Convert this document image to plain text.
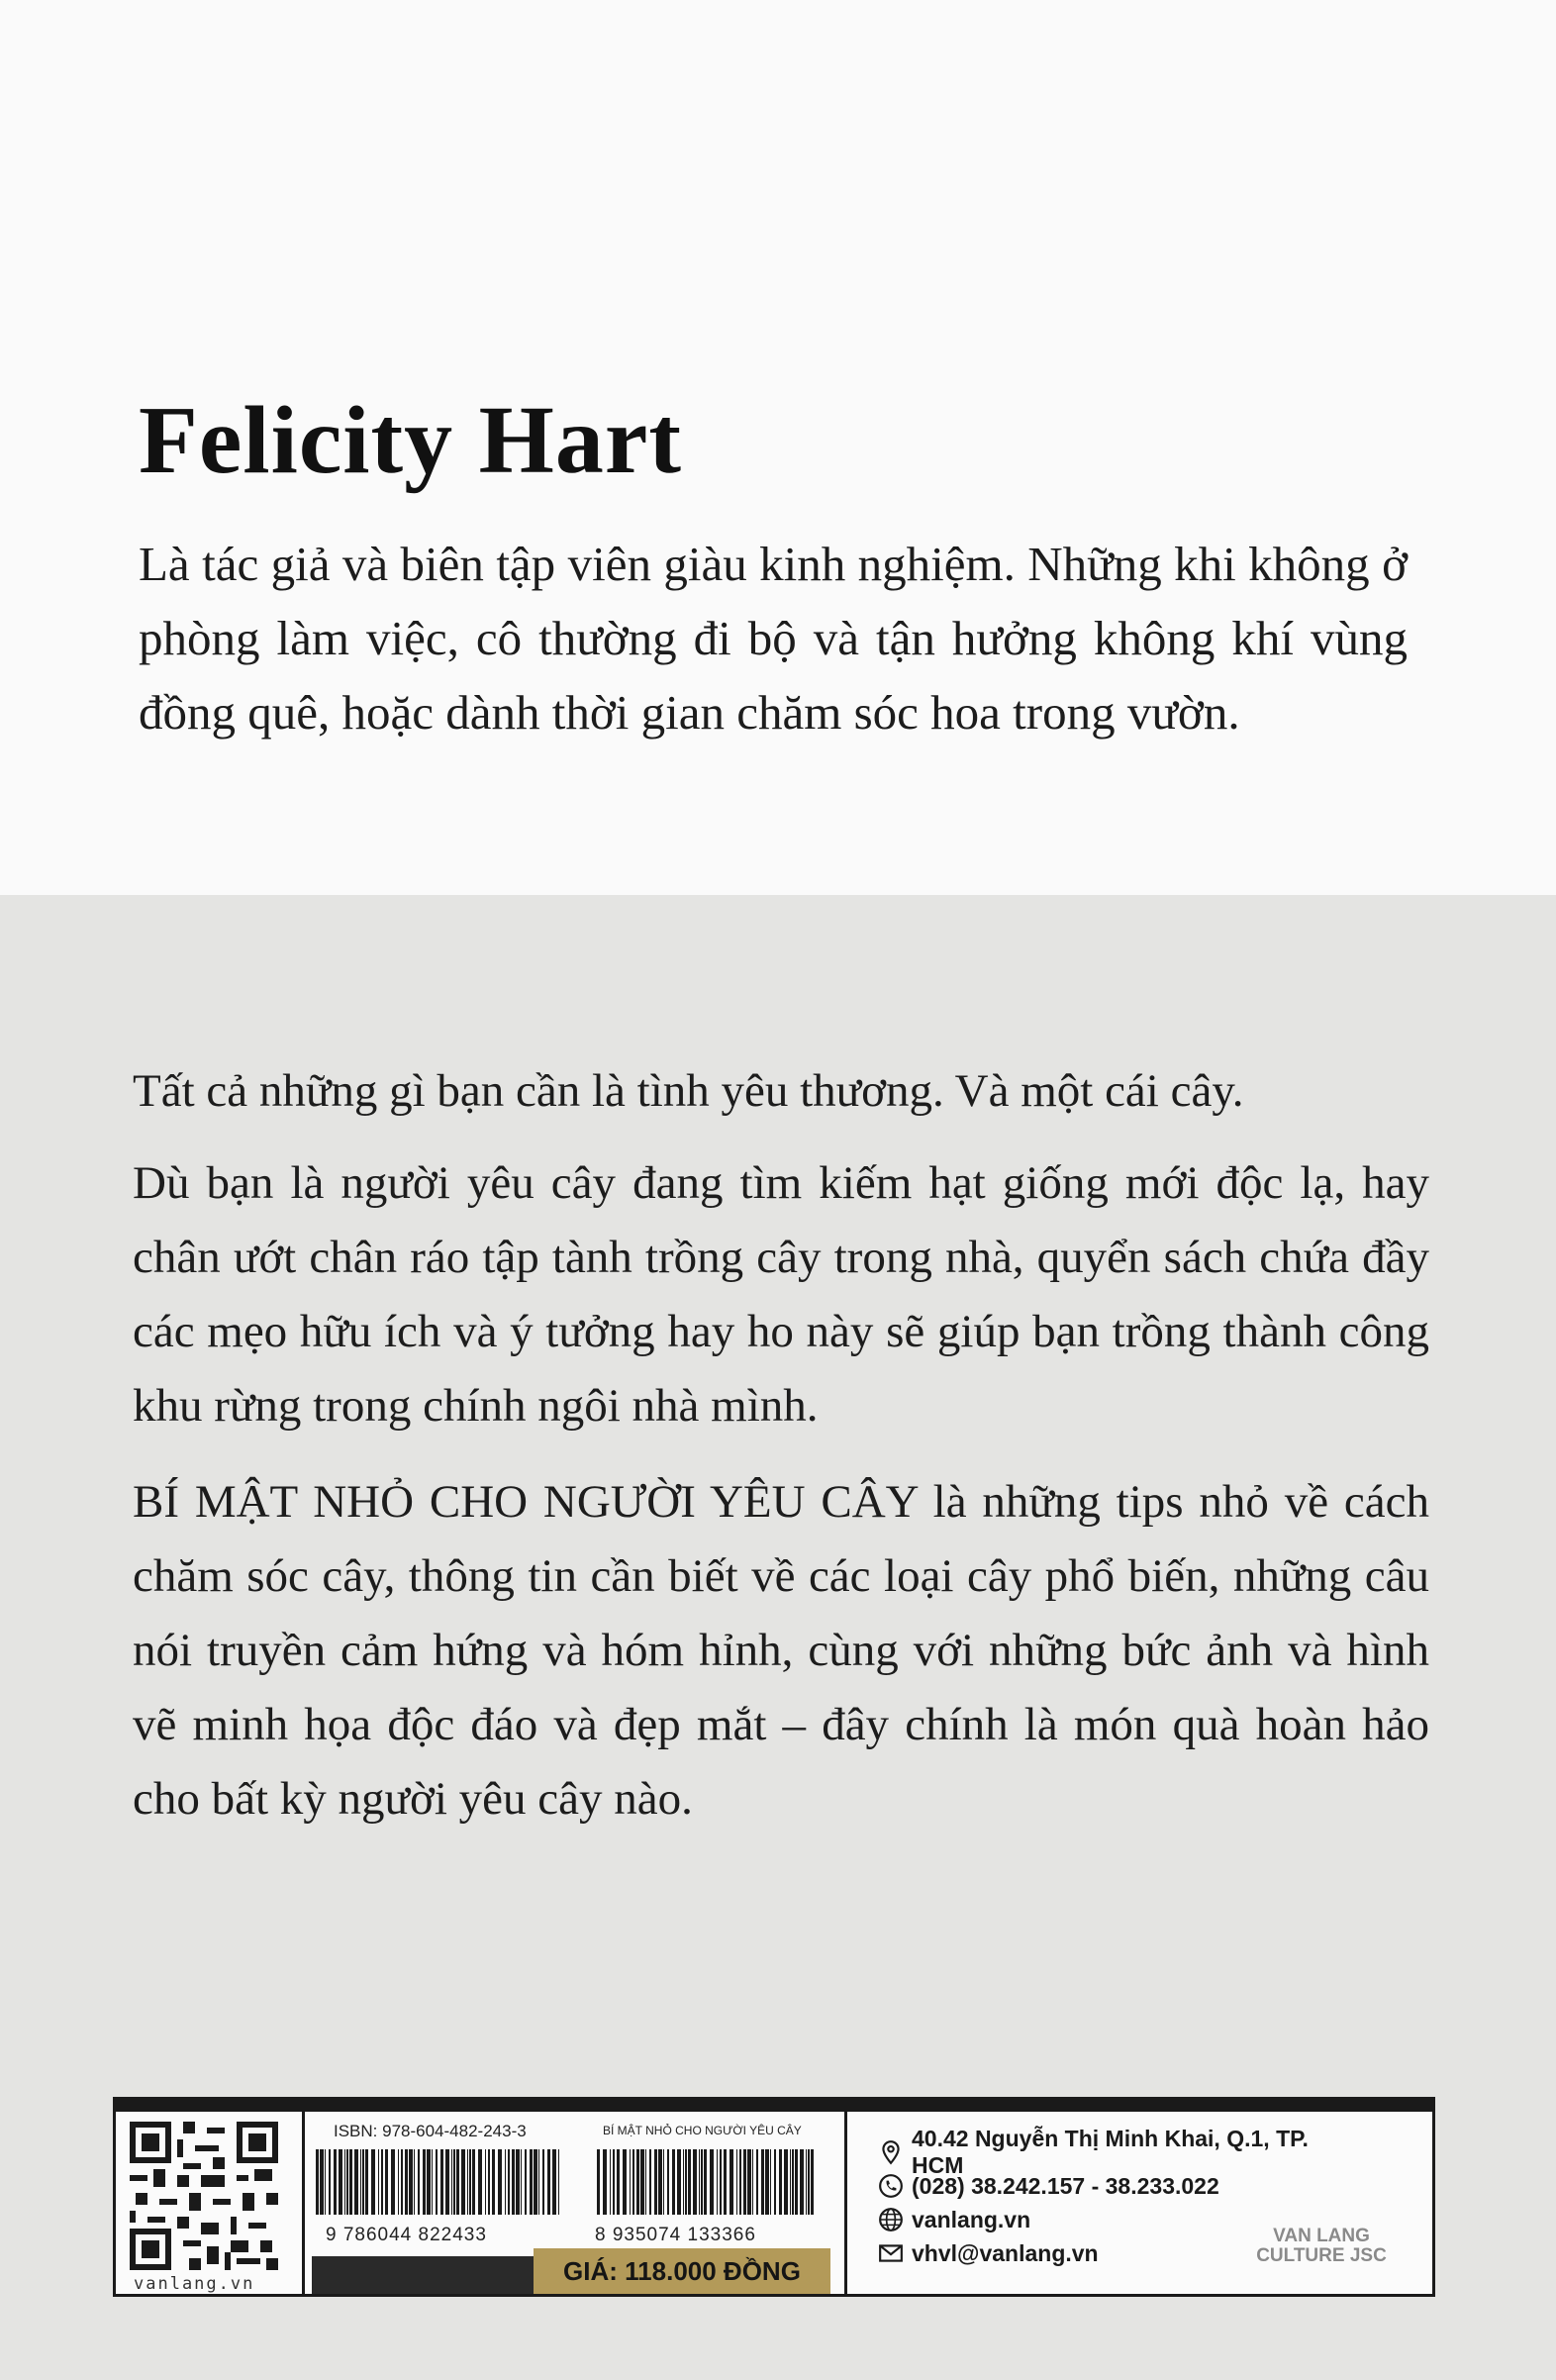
Felicity Hart
Là tác giả và biên tập viên giàu kinh nghiệm. Những khi không ở phòng làm việc, cô thường đi bộ và tận hưởng không khí vùng đồng quê, hoặc dành thời gian chăm sóc hoa trong vườn.

Tất cả những gì bạn cần là tình yêu thương. Và một cái cây.

Dù bạn là người yêu cây đang tìm kiếm hạt giống mới độc lạ, hay chân ướt chân ráo tập tành trồng cây trong nhà, quyển sách chứa đầy các mẹo hữu ích và ý tưởng hay ho này sẽ giúp bạn trồng thành công khu rừng trong chính ngôi nhà mình.

BÍ MẬT NHỎ CHO NGƯỜI YÊU CÂY là những tips nhỏ về cách chăm sóc cây, thông tin cần biết về các loại cây phổ biến, những câu nói truyền cảm hứng và hóm hỉnh, cùng với những bức ảnh và hình vẽ minh họa độc đáo và đẹp mắt – đây chính là món quà hoàn hảo cho bất kỳ người yêu cây nào.

vanlang.vn
ISBN: 978-604-482-243-3	BÍ MẬT NHỎ CHO NGƯỜI YÊU CÂY
9 786044 822433	8 935074 133366
GIÁ: 118.000 ĐỒNG
40.42 Nguyễn Thị Minh Khai, Q.1, TP. HCM
(028) 38.242.157 - 38.233.022
vanlang.vn
vhvl@vanlang.vn
VAN LANG
CULTURE JSC
